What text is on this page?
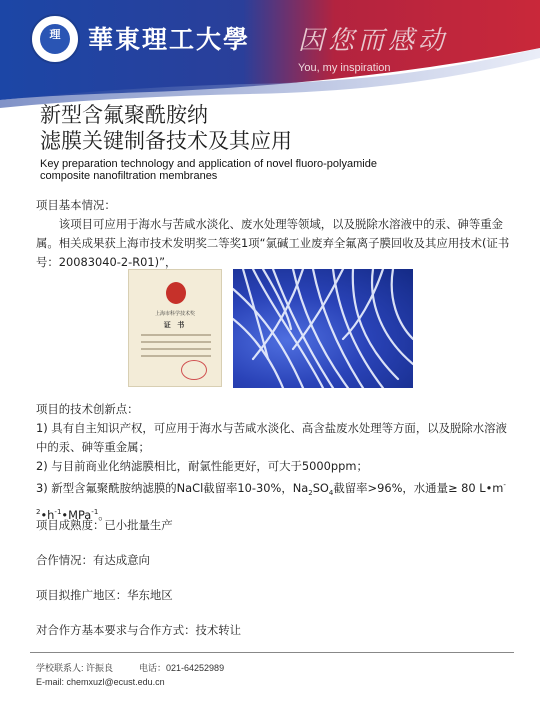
理	華東理工大學 因您而感动
You, my inspiration
新型含氟聚酰胺纳
滤膜关键制备技术及其应用
Key preparation technology and application of novel fluoro-polyamide
composite nanofiltration membranes

项目基本情况：

该项目可应用于海水与苦咸水淡化、废水处理等领域，以及脱除水溶液中的汞、砷等重金属。相关成果获上海市技术发明奖二等奖1项“氯碱工业废弃全氟离子膜回收及其应用技术(证书号：20083040-2-R01)”，

上海市科学技术奖
证 书

项目的技术创新点：

1) 具有自主知识产权，可应用于海水与苦咸水淡化、高含盐废水处理等方面，以及脱除水溶液中的汞、砷等重金属；

2) 与目前商业化纳滤膜相比，耐氯性能更好，可大于5000ppm；

3) 新型含氟聚酰胺纳滤膜的NaCl截留率10-30%，$Na_2SO_4$截留率>96%，水通量≥ 80 $L•m^{-2}•h^{-1}•MPa^{-1}$。

项目成熟度：已小批量生产
合作情况：有达成意向
项目拟推广地区：华东地区
对合作方基本要求与合作方式：技术转让
学校联系人: 许振良	电话：021-64252989
E-mail: chemxuzl@ecust.edu.cn
